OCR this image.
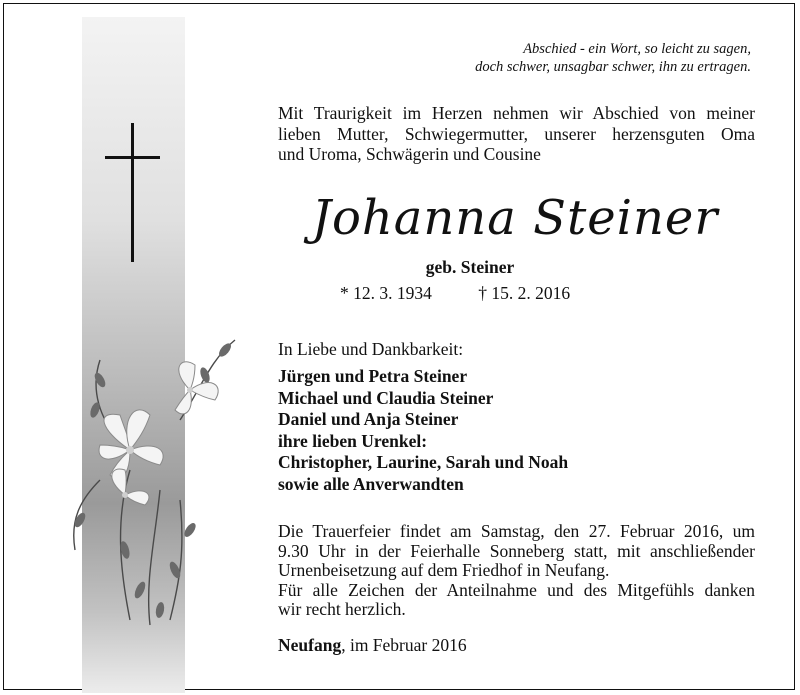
Abschied - ein Wort, so leicht zu sagen,
doch schwer, unsagbar schwer, ihn zu ertragen.
Mit Traurigkeit im Herzen nehmen wir Abschied von meiner
lieben Mutter, Schwiegermutter, unserer herzensguten Oma
und Uroma, Schwägerin und Cousine
Johanna Steiner
geb. Steiner
* 12. 3. 1934	† 15. 2. 2016
In Liebe und Dankbarkeit:
Jürgen und Petra Steiner
Michael und Claudia Steiner
Daniel und Anja Steiner
ihre lieben Urenkel:
Christopher, Laurine, Sarah und Noah
sowie alle Anverwandten
Die Trauerfeier findet am Samstag, den 27. Februar 2016, um
9.30 Uhr in der Feierhalle Sonneberg statt, mit anschließender
Urnenbeisetzung auf dem Friedhof in Neufang.
Für alle Zeichen der Anteilnahme und des Mitgefühls danken
wir recht herzlich.
Neufang, im Februar 2016
